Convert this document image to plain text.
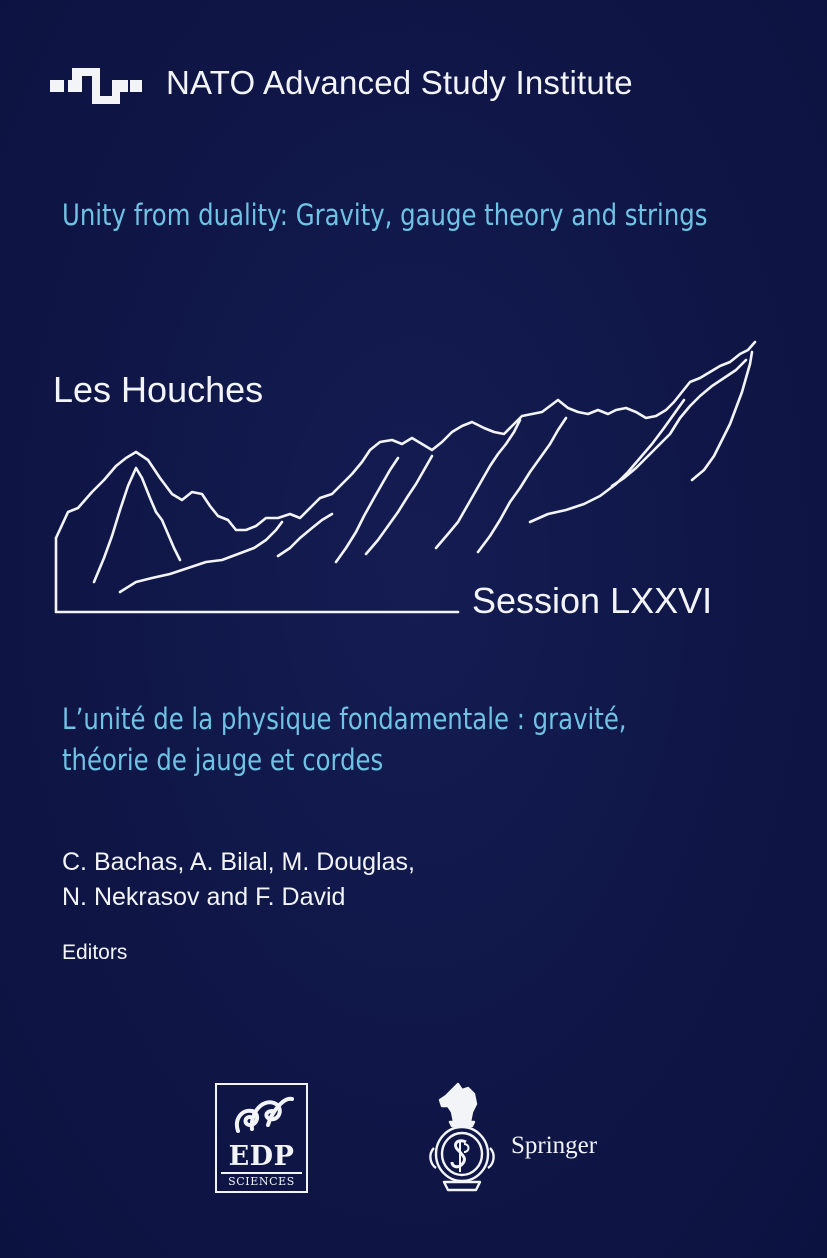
NATO Advanced Study Institute
Unity from duality: Gravity, gauge theory and strings
Les Houches
Session LXXVI
L’unité de la physique fondamentale : gravité,
théorie de jauge et cordes
C. Bachas, A. Bilal, M. Douglas,
N. Nekrasov and F. David
Editors
EDP
SCIENCES
Springer
